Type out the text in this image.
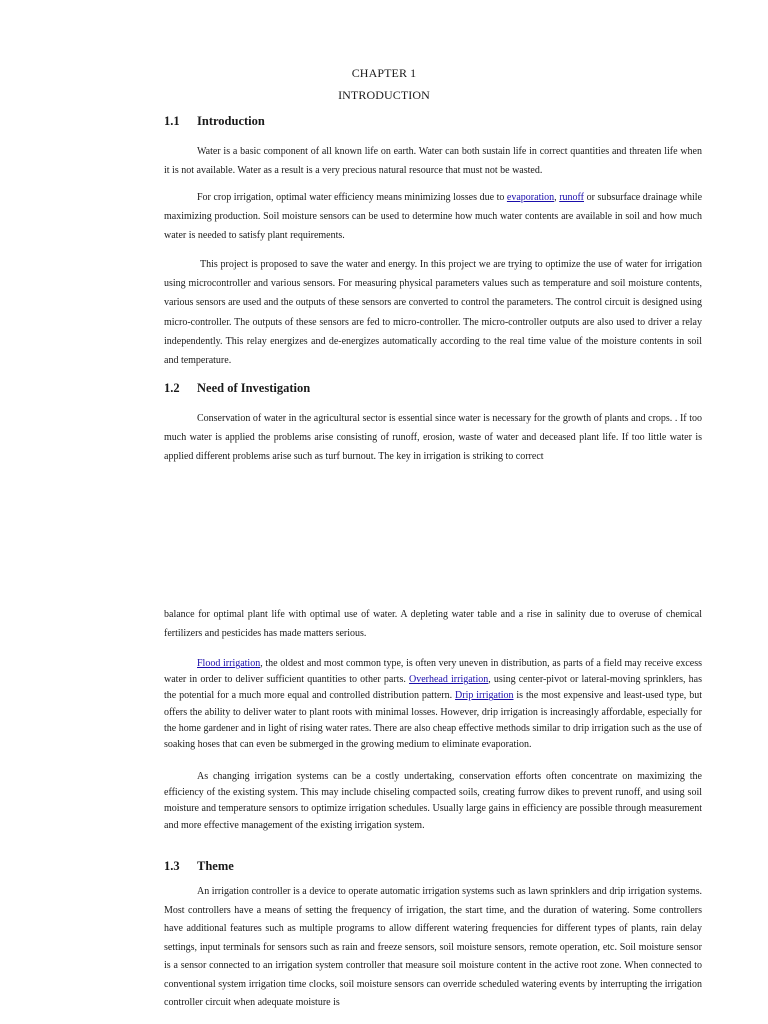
CHAPTER 1
INTRODUCTION
1.1 Introduction

Water is a basic component of all known life on earth. Water can both sustain life in correct quantities and threaten life when it is not available. Water as a result is a very precious natural resource that must not be wasted.

For crop irrigation, optimal water efficiency means minimizing losses due to evaporation, runoff or subsurface drainage while maximizing production. Soil moisture sensors can be used to determine how much water contents are available in soil and how much water is needed to satisfy plant requirements.

This project is proposed to save the water and energy. In this project we are trying to optimize the use of water for irrigation using microcontroller and various sensors. For measuring physical parameters values such as temperature and soil moisture contents, various sensors are used and the outputs of these sensors are converted to control the parameters. The control circuit is designed using micro-controller. The outputs of these sensors are fed to micro-controller. The micro-controller outputs are also used to driver a relay independently. This relay energizes and de-energizes automatically according to the real time value of the moisture contents in soil and temperature.

1.2 Need of Investigation

Conservation of water in the agricultural sector is essential since water is necessary for the growth of plants and crops. . If too much water is applied the problems arise consisting of runoff, erosion, waste of water and deceased plant life. If too little water is applied different problems arise such as turf burnout. The key in irrigation is striking to correct

balance for optimal plant life with optimal use of water. A depleting water table and a rise in salinity due to overuse of chemical fertilizers and pesticides has made matters serious.

Flood irrigation, the oldest and most common type, is often very uneven in distribution, as parts of a field may receive excess water in order to deliver sufficient quantities to other parts. Overhead irrigation, using center-pivot or lateral-moving sprinklers, has the potential for a much more equal and controlled distribution pattern. Drip irrigation is the most expensive and least-used type, but offers the ability to deliver water to plant roots with minimal losses. However, drip irrigation is increasingly affordable, especially for the home gardener and in light of rising water rates. There are also cheap effective methods similar to drip irrigation such as the use of soaking hoses that can even be submerged in the growing medium to eliminate evaporation.

As changing irrigation systems can be a costly undertaking, conservation efforts often concentrate on maximizing the efficiency of the existing system. This may include chiseling compacted soils, creating furrow dikes to prevent runoff, and using soil moisture and temperature sensors to optimize irrigation schedules. Usually large gains in efficiency are possible through measurement and more effective management of the existing irrigation system.

1.3 Theme

An irrigation controller is a device to operate automatic irrigation systems such as lawn sprinklers and drip irrigation systems. Most controllers have a means of setting the frequency of irrigation, the start time, and the duration of watering. Some controllers have additional features such as multiple programs to allow different watering frequencies for different types of plants, rain delay settings, input terminals for sensors such as rain and freeze sensors, soil moisture sensors, remote operation, etc. Soil moisture sensor is a sensor connected to an irrigation system controller that measure soil moisture content in the active root zone. When connected to conventional system irrigation time clocks, soil moisture sensors can override scheduled watering events by interrupting the irrigation controller circuit when adequate moisture is
